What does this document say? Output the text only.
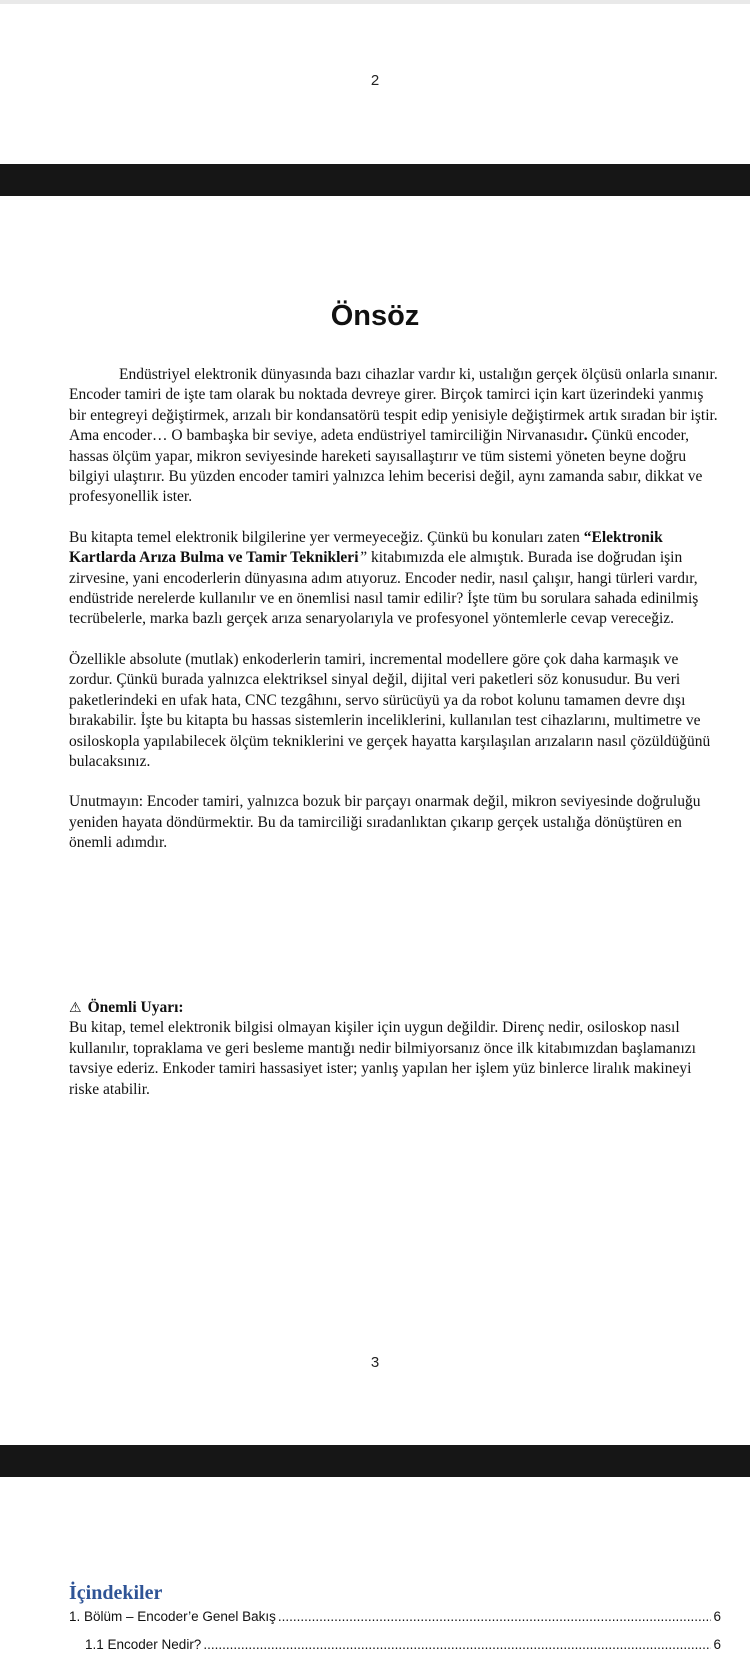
2
Önsöz

Endüstriyel elektronik dünyasında bazı cihazlar vardır ki, ustalığın gerçek ölçüsü onlarla sınanır. Encoder tamiri de işte tam olarak bu noktada devreye girer. Birçok tamirci için kart üzerindeki yanmış bir entegreyi değiştirmek, arızalı bir kondansatörü tespit edip yenisiyle değiştirmek artık sıradan bir iştir. Ama encoder… O bambaşka bir seviye, adeta endüstriyel tamirciliğin Nirvanasıdır. Çünkü encoder, hassas ölçüm yapar, mikron seviyesinde hareketi sayısallaştırır ve tüm sistemi yöneten beyne doğru bilgiyi ulaştırır. Bu yüzden encoder tamiri yalnızca lehim becerisi değil, aynı zamanda sabır, dikkat ve profesyonellik ister.

Bu kitapta temel elektronik bilgilerine yer vermeyeceğiz. Çünkü bu konuları zaten “Elektronik Kartlarda Arıza Bulma ve Tamir Teknikleri” kitabımızda ele almıştık. Burada ise doğrudan işin zirvesine, yani encoderlerin dünyasına adım atıyoruz. Encoder nedir, nasıl çalışır, hangi türleri vardır, endüstride nerelerde kullanılır ve en önemlisi nasıl tamir edilir? İşte tüm bu sorulara sahada edinilmiş tecrübelerle, marka bazlı gerçek arıza senaryolarıyla ve profesyonel yöntemlerle cevap vereceğiz.

Özellikle absolute (mutlak) enkoderlerin tamiri, incremental modellere göre çok daha karmaşık ve zordur. Çünkü burada yalnızca elektriksel sinyal değil, dijital veri paketleri söz konusudur. Bu veri paketlerindeki en ufak hata, CNC tezgâhını, servo sürücüyü ya da robot kolunu tamamen devre dışı bırakabilir. İşte bu kitapta bu hassas sistemlerin inceliklerini, kullanılan test cihazlarını, multimetre ve osiloskopla yapılabilecek ölçüm tekniklerini ve gerçek hayatta karşılaşılan arızaların nasıl çözüldüğünü bulacaksınız.

Unutmayın: Encoder tamiri, yalnızca bozuk bir parçayı onarmak değil, mikron seviyesinde doğruluğu yeniden hayata döndürmektir. Bu da tamirciliği sıradanlıktan çıkarıp gerçek ustalığa dönüştüren en önemli adımdır.

⚠ Önemli Uyarı:

Bu kitap, temel elektronik bilgisi olmayan kişiler için uygun değildir. Direnç nedir, osiloskop nasıl kullanılır, topraklama ve geri besleme mantığı nedir bilmiyorsanız önce ilk kitabımızdan başlamanızı tavsiye ederiz. Enkoder tamiri hassasiyet ister; yanlış yapılan her işlem yüz binlerce liralık makineyi riske atabilir.

3
İçindekiler
1. Bölüm – Encoder’e Genel Bakış .....	6
1.1 Encoder Nedir? .....	6
